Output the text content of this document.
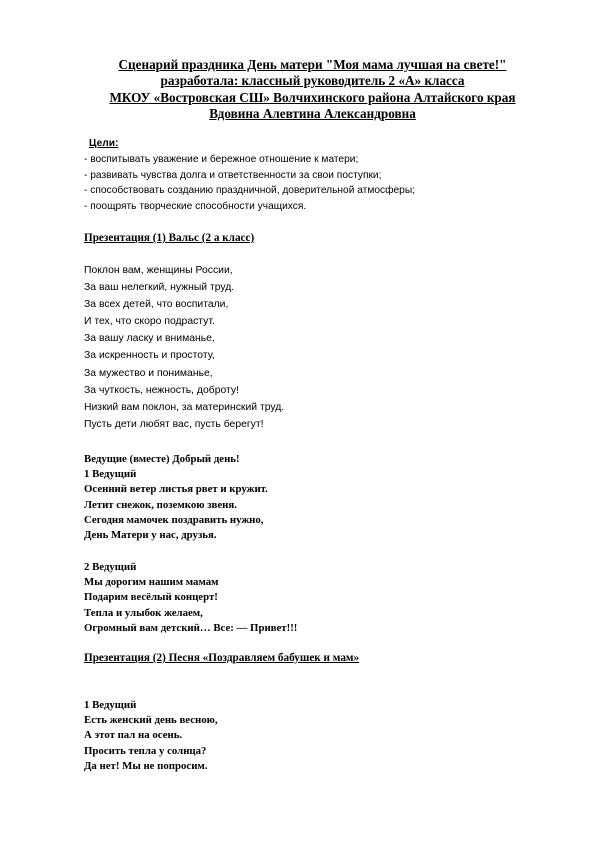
Сценарий праздника День матери "Моя мама лучшая на свете!"
разработала: классный руководитель 2 «А» класса
МКОУ «Востровская СШ» Волчихинского района Алтайского края
Вдовина Алевтина Александровна
Цели:
- воспитывать уважение и бережное отношение к матери;
- развивать чувства долга и ответственности за свои поступки;
- способствовать созданию праздничной, доверительной атмосферы;
- поощрять творческие способности учащихся.
Презентация (1) Вальс (2 а класс)
Поклон вам, женщины России,
За ваш нелегкий, нужный труд.
За всех детей, что воспитали,
И тех, что скоро подрастут.
За вашу ласку и вниманье,
За искренность и простоту,
За мужество и пониманье,
За чуткость, нежность, доброту!
Низкий вам поклон, за материнский труд.
Пусть дети любят вас, пусть берегут!
Ведущие (вместе) Добрый день!
1 Ведущий
Осенний ветер листья рвет и кружит.
Летит снежок, поземкою звеня.
Сегодня мамочек поздравить нужно,
День Матери у нас, друзья.
2 Ведущий
Мы дорогим нашим мамам
Подарим весёлый концерт!
Тепла и улыбок желаем,
Огромный вам детский… Все: — Привет!!!
Презентация (2) Песня «Поздравляем бабушек и мам»
1 Ведущий
Есть женский день весною,
А этот пал на осень.
Просить тепла у солнца?
Да нет! Мы не попросим.
